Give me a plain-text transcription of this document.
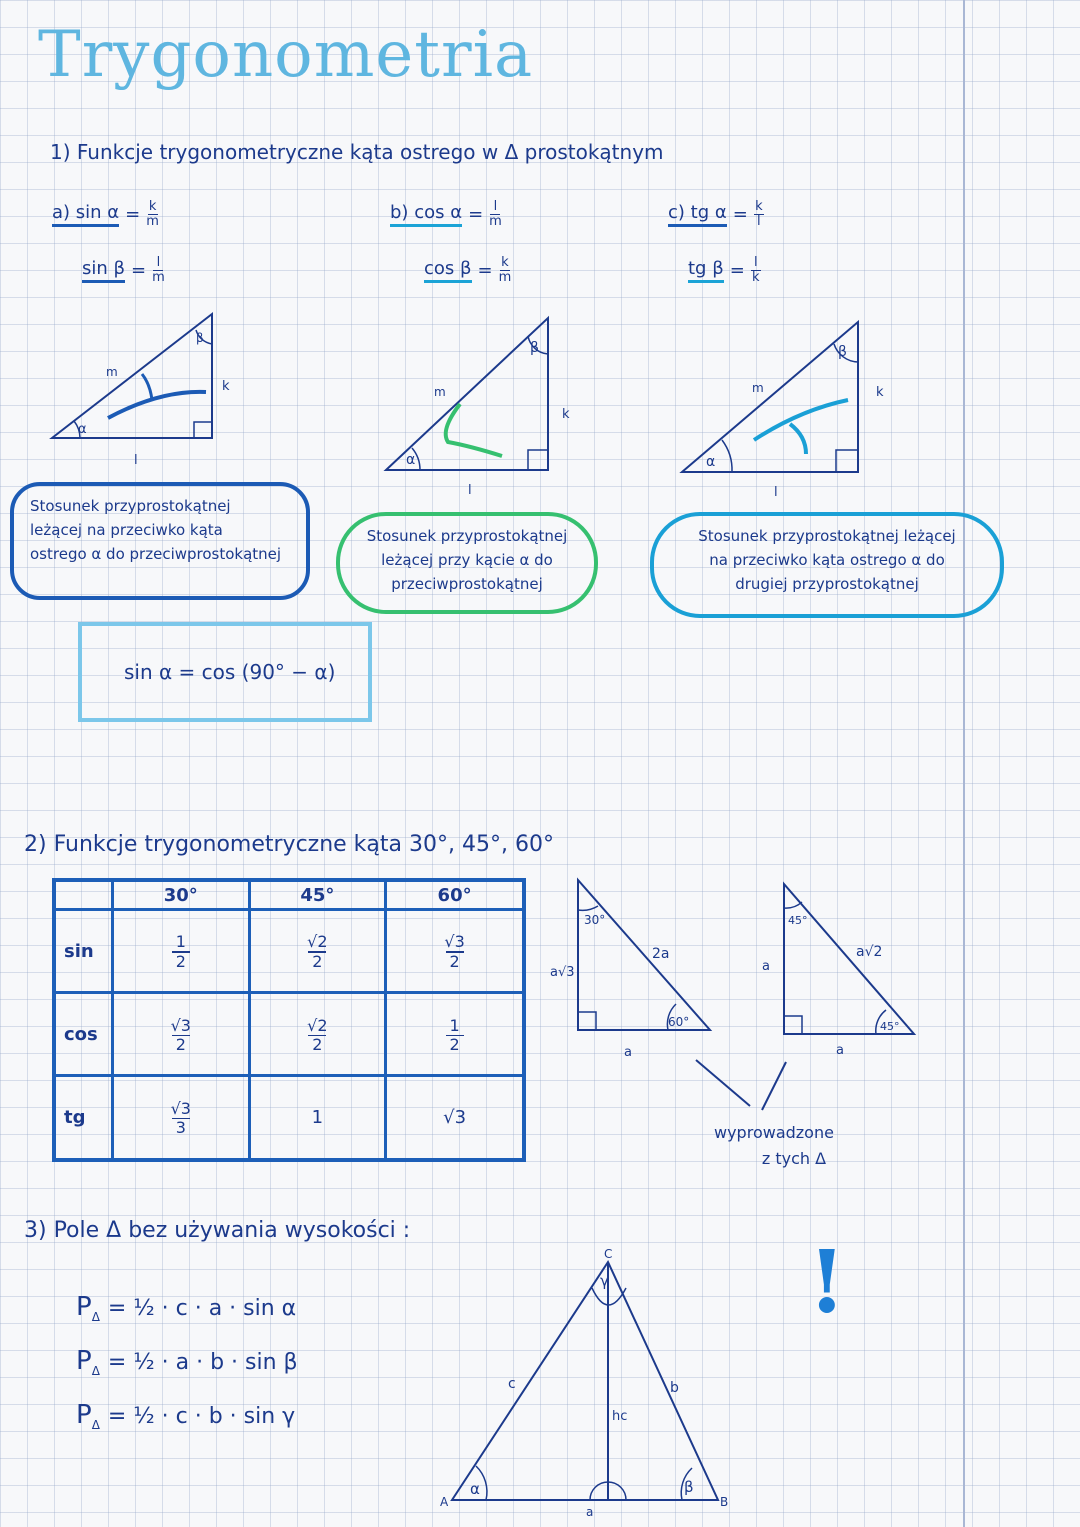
Trygonometria
1) Funkcje trygonometryczne kąta ostrego w Δ prostokątnym
a) $\sin \alpha = \frac{k}{m}$
$\sin \beta = \frac{l}{m}$
b) $\cos \alpha = \frac{l}{m}$
$\cos \beta = \frac{k}{m}$
c) tg $\alpha = \frac{k}{l}$
tg $\beta = \frac{l}{k}$
α
β
m
k
l	α
β
m
k
l
α
β
m	k
l
Stosunek przyprostokątnej
leżącej na przeciwko kąta
ostrego α do przeciwprostokątnej
Stosunek przyprostokątnej
leżącej przy kącie α do
przeciwprostokątnej
Stosunek przyprostokątnej leżącej
na przeciwko kąta ostrego α do
drugiej przyprostokątnej
sin α = cos (90° − α)
2) Funkcje trygonometryczne kąta 30°, 45°, 60°
	30°	45°	60°
sin	$\frac{1}{2}$	$\frac{√2}{2}$	$\frac{√3}{2}$

cos	$\frac{√3}{2}$	$\frac{√2}{2}$	$\frac{1}{2}$

tg	$\frac{√3}{3}$	1	√3
30°
60°
2a
a√3
a
45°
45°
a√2
a
a
wyprowadzone
z tych Δ
3) Pole Δ bez używania wysokości :
$P_\Delta$ = ½ · c · a · sin α
$P_\Delta$ = ½ · a · b · sin β
$P_\Delta$ = ½ · c · b · sin γ
C
A	B
c	b
a
hc
α	β
γ !
